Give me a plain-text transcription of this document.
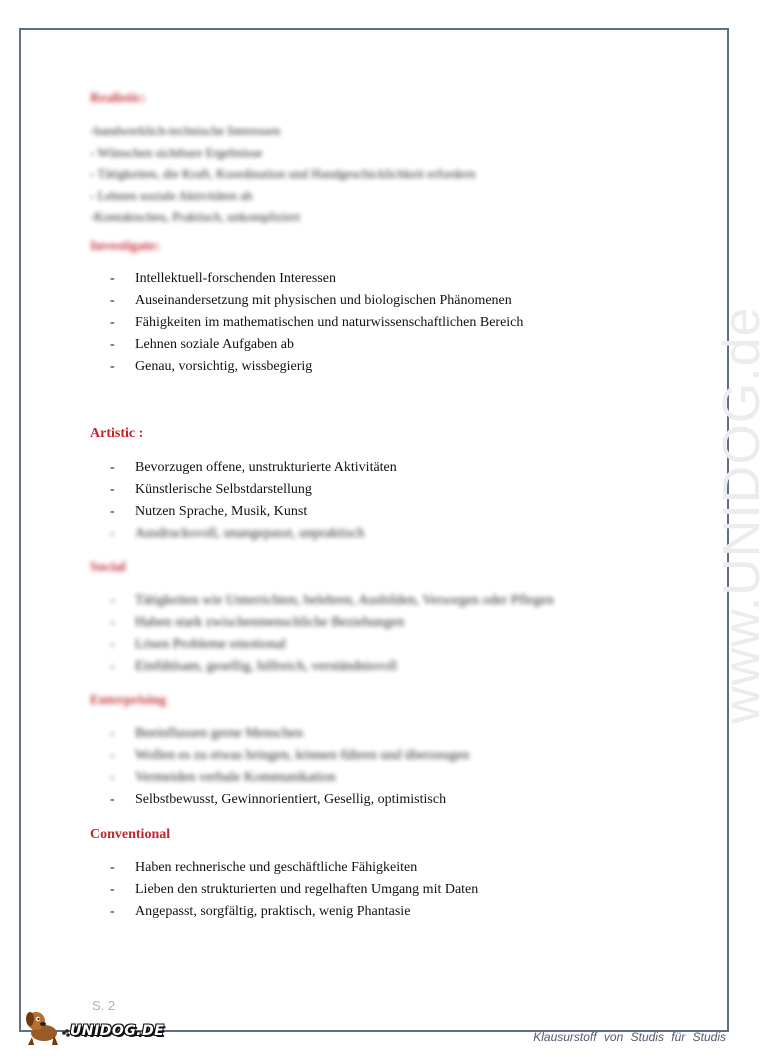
www.UNIDOG.de
Realistic:
-handwerklich-technische Interessen
- Wünschen sichtbare Ergebnisse
- Tätigkeiten, die Kraft, Koordination und Handgeschicklichkeit erfordern
- Lehnen soziale Aktivitäten ab
-Kontaktscheu, Praktisch, unkompliziert
Investigate:
- Intellektuell-forschenden Interessen
- Auseinandersetzung mit physischen und biologischen Phänomenen
- Fähigkeiten im mathematischen und naturwissenschaftlichen Bereich
- Lehnen soziale Aufgaben ab
- Genau, vorsichtig, wissbegierig
Artistic :
- Bevorzugen offene, unstrukturierte Aktivitäten
- Künstlerische Selbstdarstellung
- Nutzen Sprache, Musik, Kunst
- Ausdrucksvoll, unangepasst, unpraktisch
Social
- Tätigkeiten wie Unterrichten, belehren, Ausbilden, Versorgen oder Pflegen
- Haben stark zwischenmenschliche Beziehungen
- Lösen Probleme emotional
- Einfühlsam, gesellig, hilfreich, verständnisvoll
Enterprising
- Beeinflussen gerne Menschen
- Wollen es zu etwas bringen, können führen und überzeugen
- Vermeiden verbale Kommunikation
- Selbstbewusst, Gewinnorientiert, Gesellig, optimistisch
Conventional
- Haben rechnerische und geschäftliche Fähigkeiten
- Lieben den strukturierten und regelhaften Umgang mit Daten
- Angepasst, sorgfältig, praktisch, wenig Phantasie
S. 2
UNIDOG.DE	Klausurstoff von Studis für Studis
